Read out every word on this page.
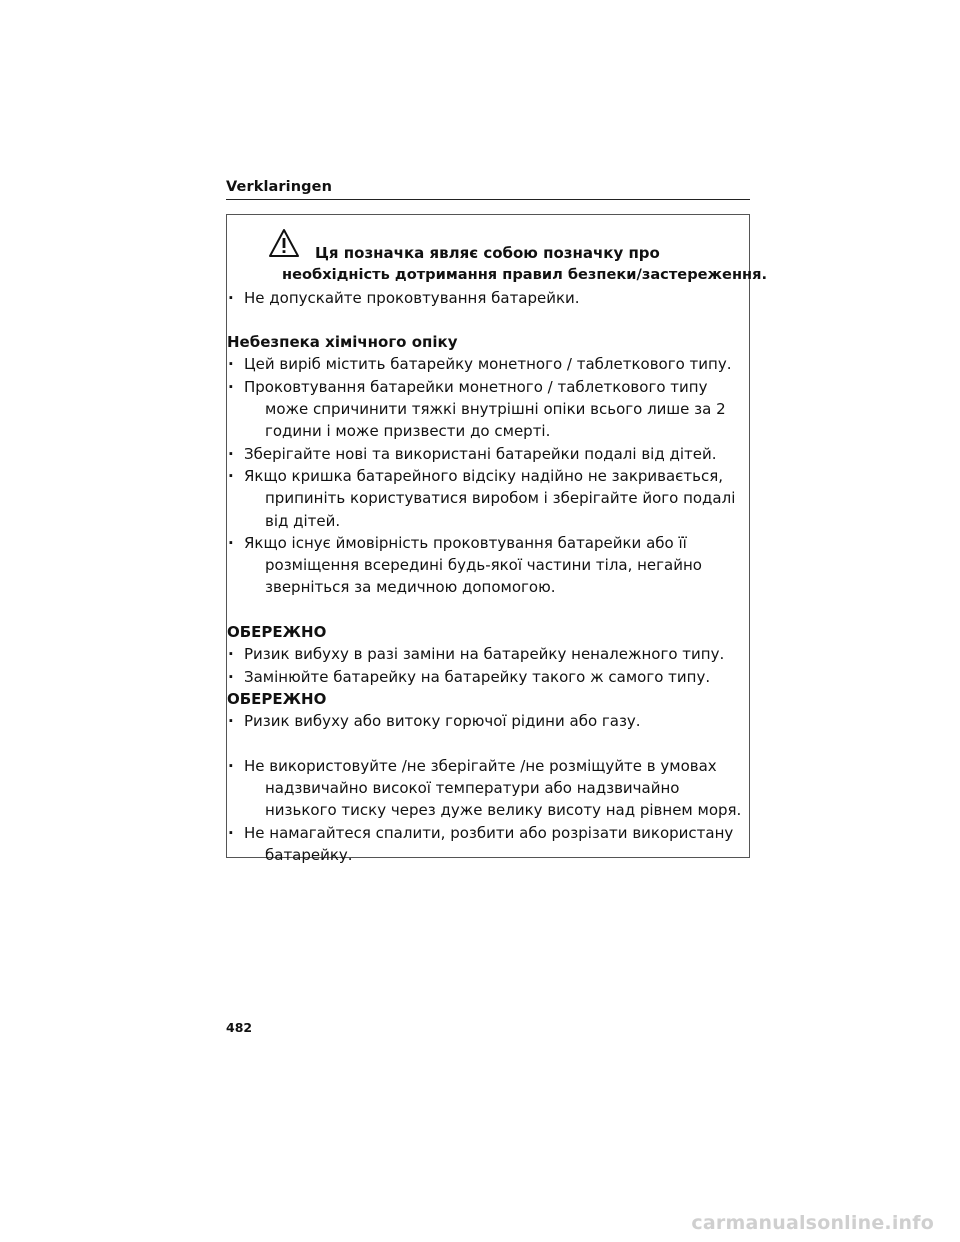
Verklaringen
Ця позначка являє собою позначку про
необхідність дотримання правил безпеки/застереження.
· Не допускайте проковтування батарейки.
Небезпека хімічного опіку
· Цей виріб містить батарейку монетного / таблеткового типу.
· Проковтування батарейки монетного / таблеткового типу
може спричинити тяжкі внутрішні опіки всього лише за 2
години і може призвести до смерті.
· Зберігайте нові та використані батарейки подалі від дітей.
· Якщо кришка батарейного відсіку надійно не закривається,
припиніть користуватися виробом і зберігайте його подалі
від дітей.
· Якщо існує ймовірність проковтування батарейки або її
розміщення всередині будь-якої частини тіла, негайно
зверніться за медичною допомогою.
ОБЕРЕЖНО
· Ризик вибуху в разі заміни на батарейку неналежного типу.
· Замінюйте батарейку на батарейку такого ж самого типу.
ОБЕРЕЖНО
· Ризик вибуху або витоку горючої рідини або газу.
· Не використовуйте /не зберігайте /не розміщуйте в умовах
надзвичайно високої температури або надзвичайно
низького тиску через дуже велику висоту над рівнем моря.
· Не намагайтеся спалити, розбити або розрізати використану
батарейку.
482
carmanualsonline.info
